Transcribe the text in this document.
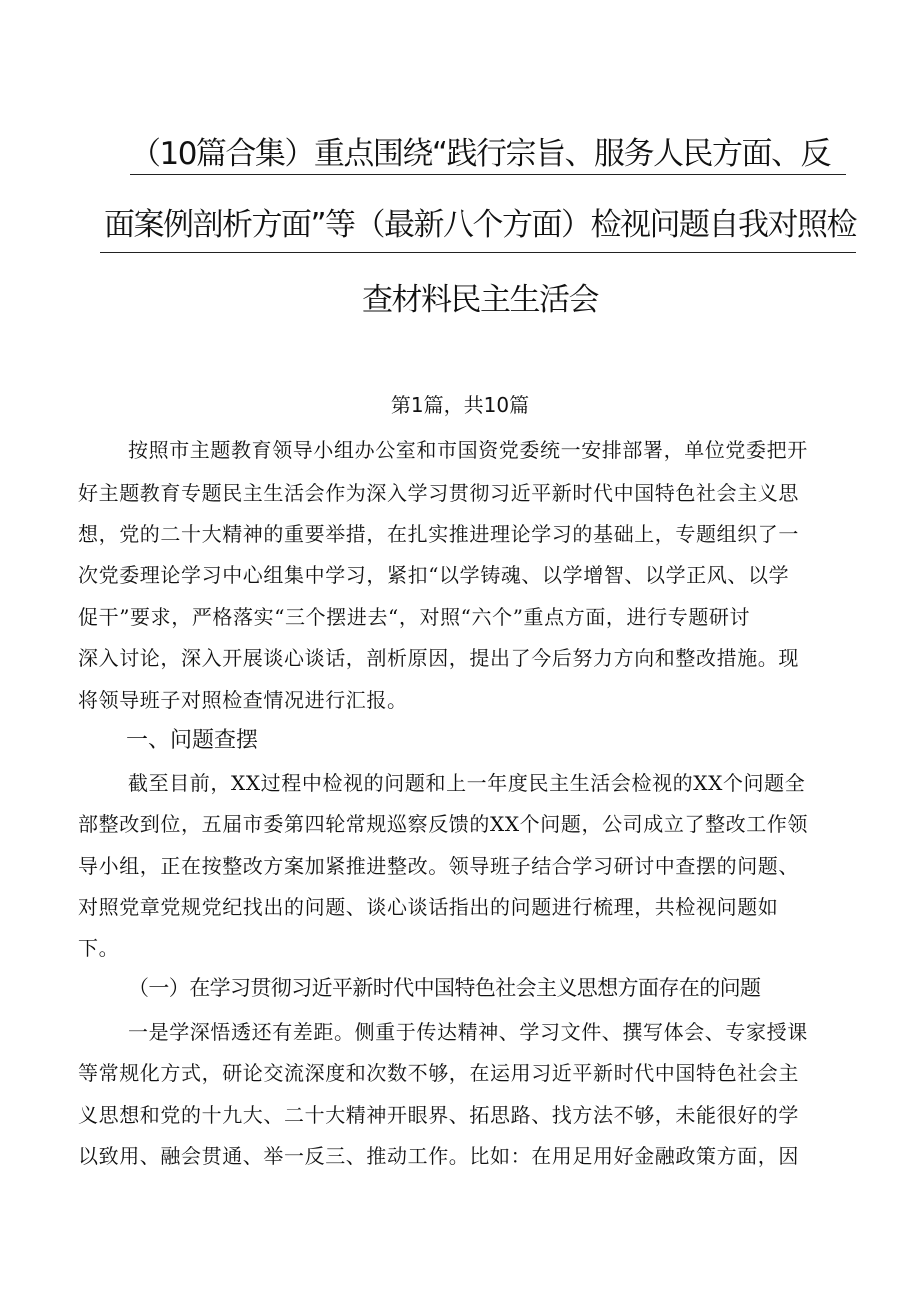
（10篇合集）重点围绕“践行宗旨、服务人民方面、反
面案例剖析方面”等（最新八个方面）检视问题自我对照检
查材料民主生活会
第1篇，共10篇
按照市主题教育领导小组办公室和市国资党委统一安排部署，单位党委把开
好主题教育专题民主生活会作为深入学习贯彻习近平新时代中国特色社会主义思
想，党的二十大精神的重要举措，在扎实推进理论学习的基础上，专题组织了一
次党委理论学习中心组集中学习，紧扣“以学铸魂、以学增智、以学正风、以学
促干”要求，严格落实“三个摆进去“，对照“六个”重点方面，进行专题研讨
深入讨论，深入开展谈心谈话，剖析原因，提出了今后努力方向和整改措施。现
将领导班子对照检查情况进行汇报。
一、问题查摆
截至目前，XX过程中检视的问题和上一年度民主生活会检视的XX个问题全
部整改到位，五届市委第四轮常规巡察反馈的XX个问题，公司成立了整改工作领
导小组，正在按整改方案加紧推进整改。领导班子结合学习研讨中查摆的问题、
对照党章党规党纪找出的问题、谈心谈话指出的问题进行梳理，共检视问题如
下。
（一）在学习贯彻习近平新时代中国特色社会主义思想方面存在的问题
一是学深悟透还有差距。侧重于传达精神、学习文件、撰写体会、专家授课
等常规化方式，研论交流深度和次数不够，在运用习近平新时代中国特色社会主
义思想和党的十九大、二十大精神开眼界、拓思路、找方法不够，未能很好的学
以致用、融会贯通、举一反三、推动工作。比如：在用足用好金融政策方面，因
